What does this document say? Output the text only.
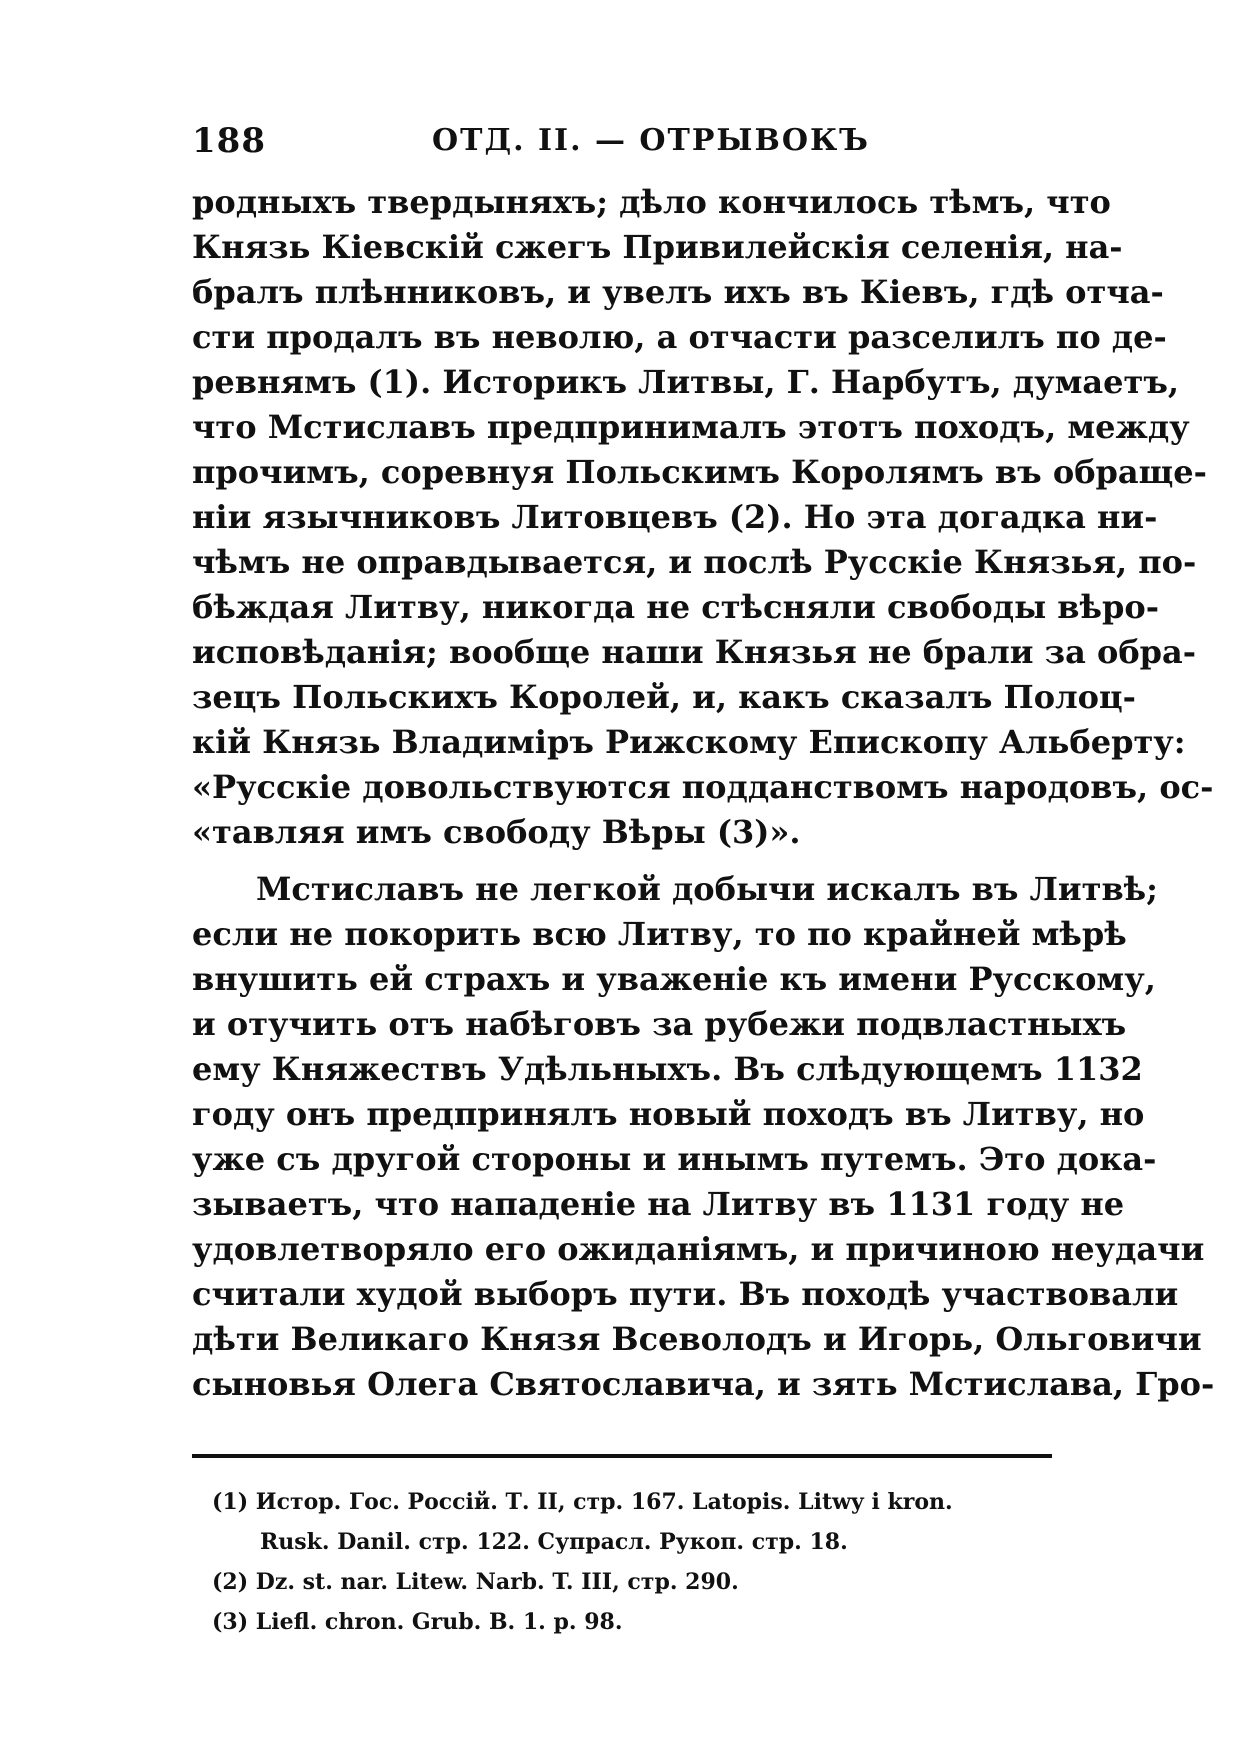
188	ОТД. II. — ОТРЫВОКЪ
родныхъ твердыняхъ; дѣло кончилось тѣмъ, что
Князь Кіевскій сжегъ Привилейскія селенія, на-
бралъ плѣнниковъ, и увелъ ихъ въ Кіевъ, гдѣ отча-
сти продалъ въ неволю, а отчасти разселилъ по де-
ревнямъ (1). Историкъ Литвы, Г. Нарбутъ, думаетъ,
что Мстиславъ предпринималъ этотъ походъ, между
прочимъ, соревнуя Польскимъ Королямъ въ обраще-
ніи язычниковъ Литовцевъ (2). Но эта догадка ни-
чѣмъ не оправдывается, и послѣ Русскіе Князья, по-
бѣждая Литву, никогда не стѣсняли свободы вѣро-
исповѣданія; вообще наши Князья не брали за обра-
зецъ Польскихъ Королей, и, какъ сказалъ Полоц-
кій Князь Владиміръ Рижскому Епископу Альберту:
«Русскіе довольствуются подданствомъ народовъ, ос-
«тавляя имъ свободу Вѣры (3)».
Мстиславъ не легкой добычи искалъ въ Литвѣ;
если не покорить всю Литву, то по крайней мѣрѣ
внушить ей страхъ и уваженіе къ имени Русскому,
и отучить отъ набѣговъ за рубежи подвластныхъ
ему Княжествъ Удѣльныхъ. Въ слѣдующемъ 1132
году онъ предпринялъ новый походъ въ Литву, но
уже съ другой стороны и инымъ путемъ. Это дока-
зываетъ, что нападеніе на Литву въ 1131 году не
удовлетворяло его ожиданіямъ, и причиною неудачи
считали худой выборъ пути. Въ походѣ участвовали
дѣти Великаго Князя Всеволодъ и Игорь, Ольговичи
сыновья Олега Святославича, и зять Мстислава, Гро-
(1) Истор. Гос. Россій. Т. II, стр. 167. Latopis. Litwy i kron.
Rusk. Danil. стр. 122. Супрасл. Рукоп. стр. 18.
(2) Dz. st. nar. Litew. Narb. T. III, стр. 290.
(3) Liefl. chron. Grub. B. 1. p. 98.
